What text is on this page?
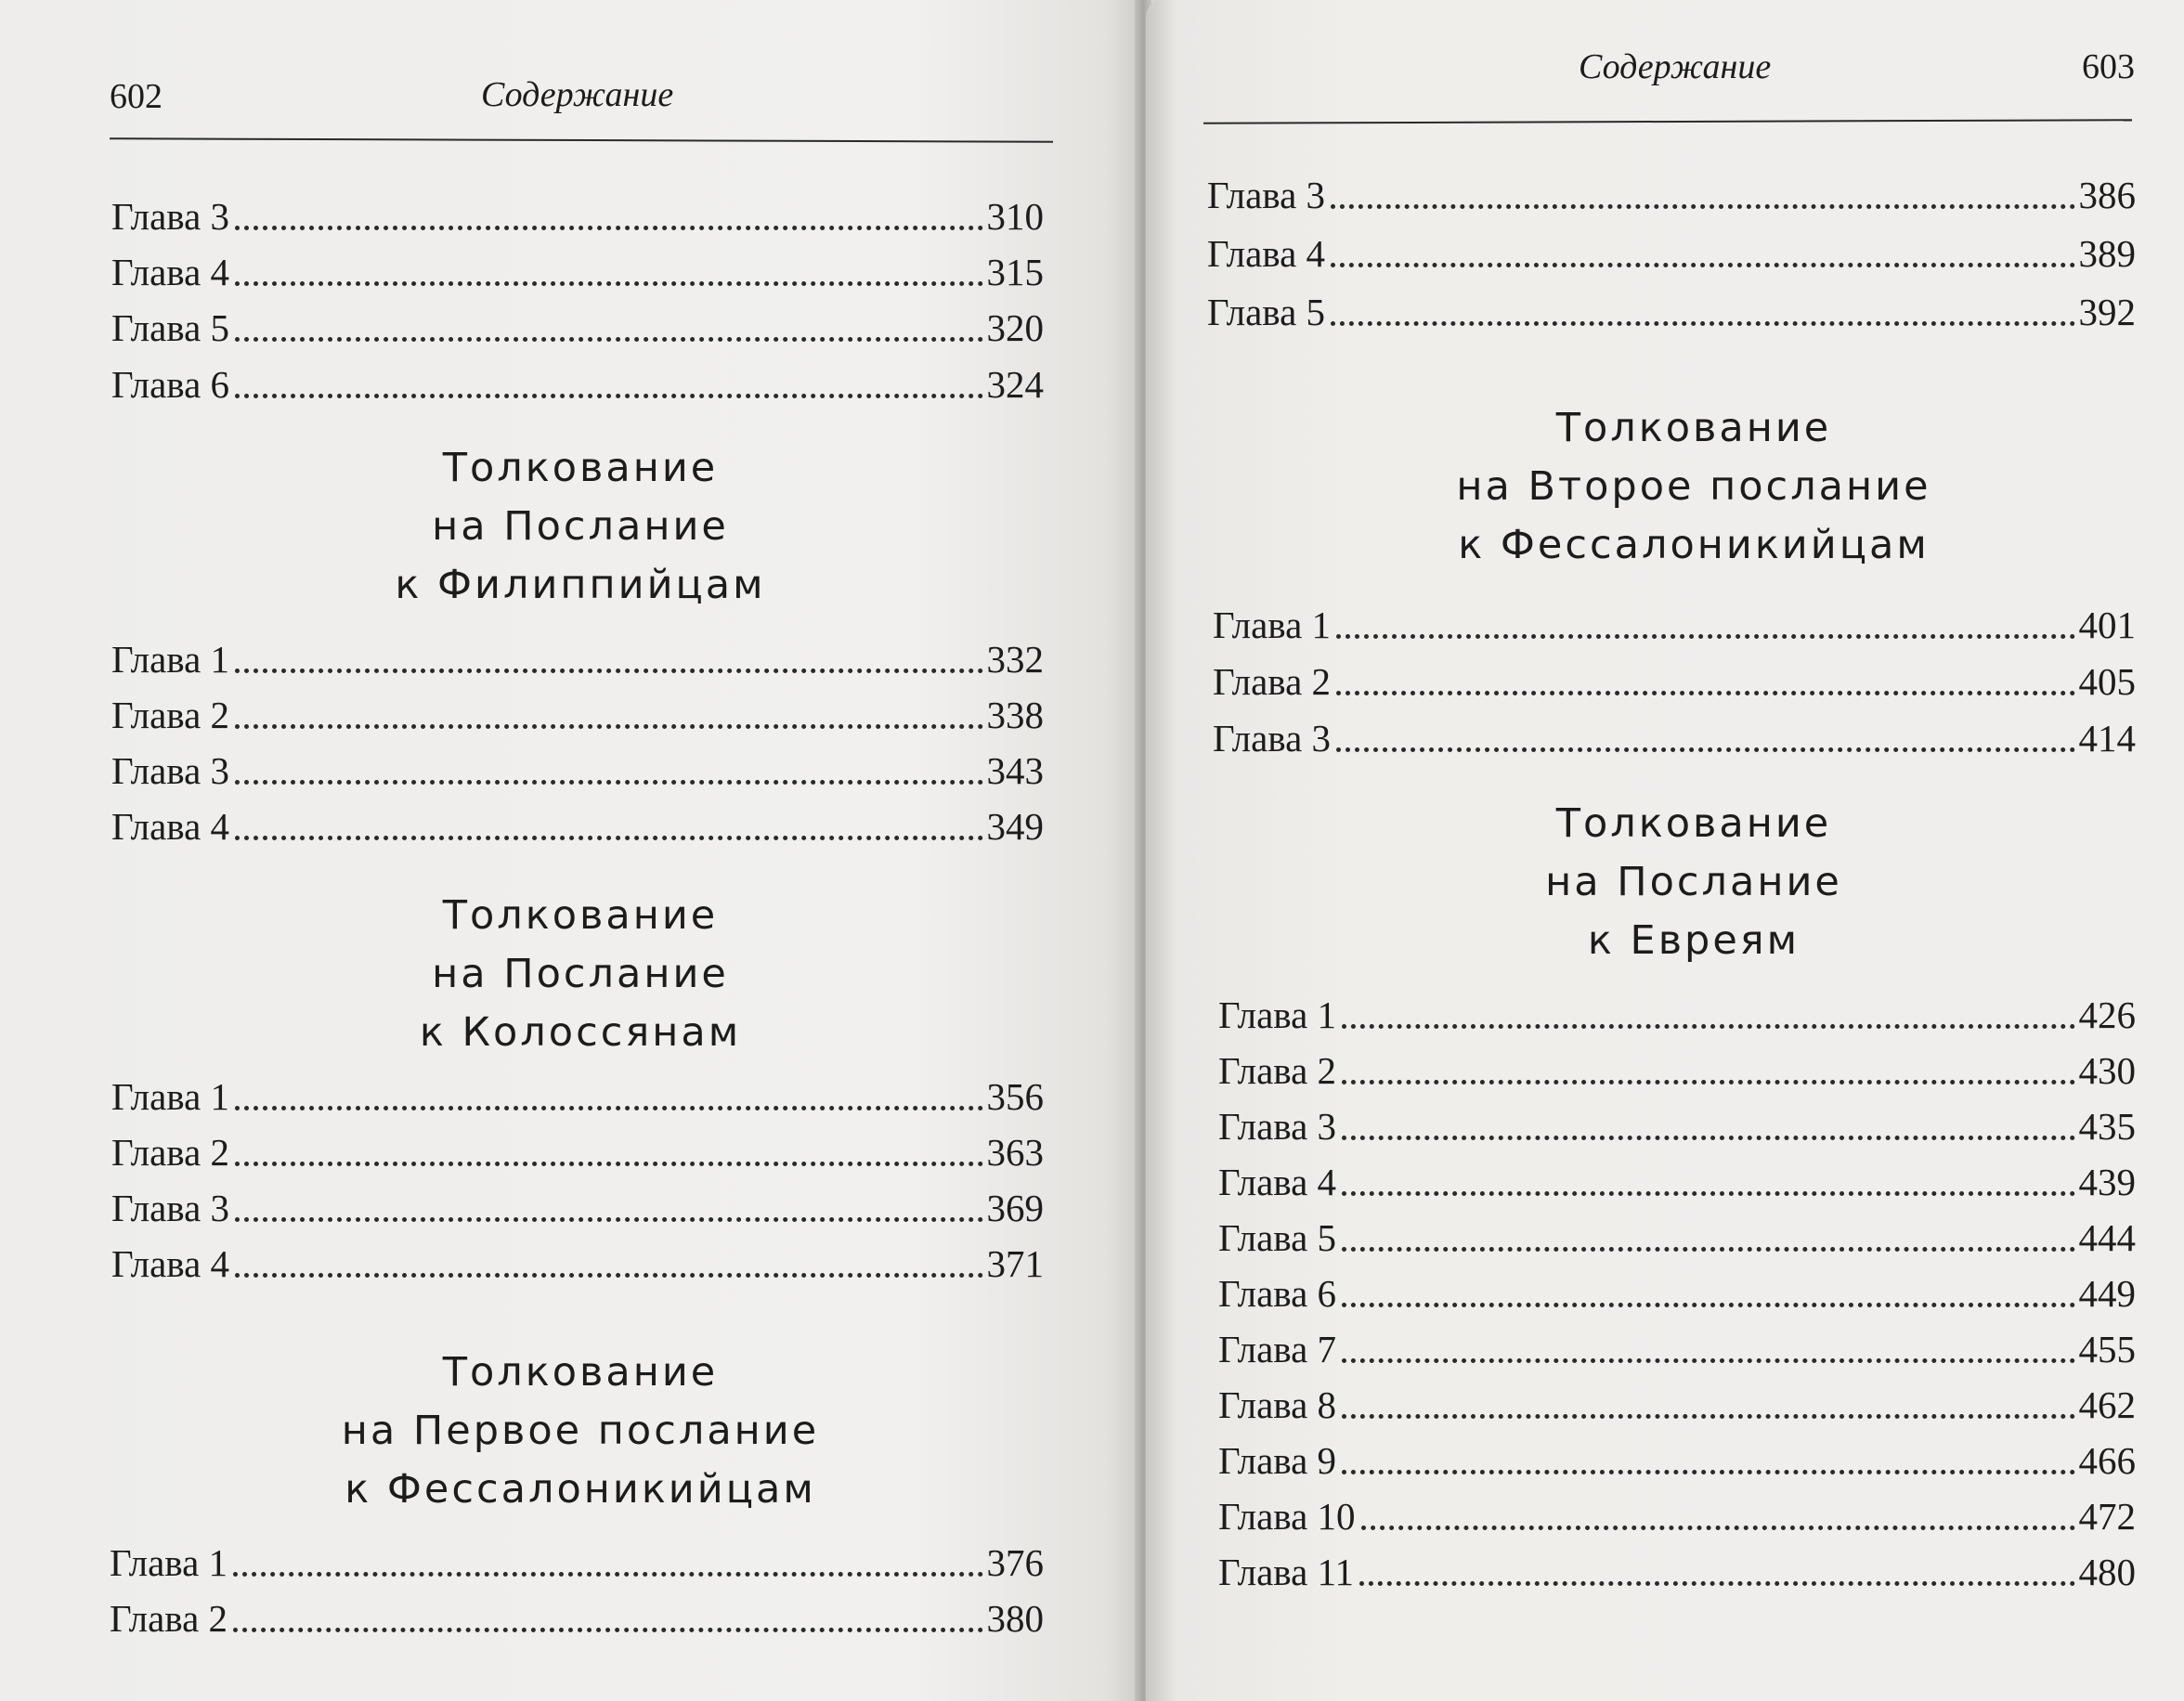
602	Содержание
Глава 3	310
Глава 4	315
Глава 5	320
Глава 6	324
Толкование
на Послание
к Филиппийцам
Глава 1	332
Глава 2	338
Глава 3	343
Глава 4	349
Толкование
на Послание
к Колоссянам
Глава 1	356
Глава 2	363
Глава 3	369
Глава 4	371
Толкование
на Первое послание
к Фессалоникийцам
Глава 1	376
Глава 2	380
Содержание	603
Глава 3	386
Глава 4	389
Глава 5	392
Толкование
на Второе послание
к Фессалоникийцам
Глава 1	401
Глава 2	405
Глава 3	414
Толкование
на Послание
к Евреям
Глава 1	426
Глава 2	430
Глава 3	435
Глава 4	439
Глава 5	444
Глава 6	449
Глава 7	455
Глава 8	462
Глава 9	466
Глава 10	472
Глава 11	480
